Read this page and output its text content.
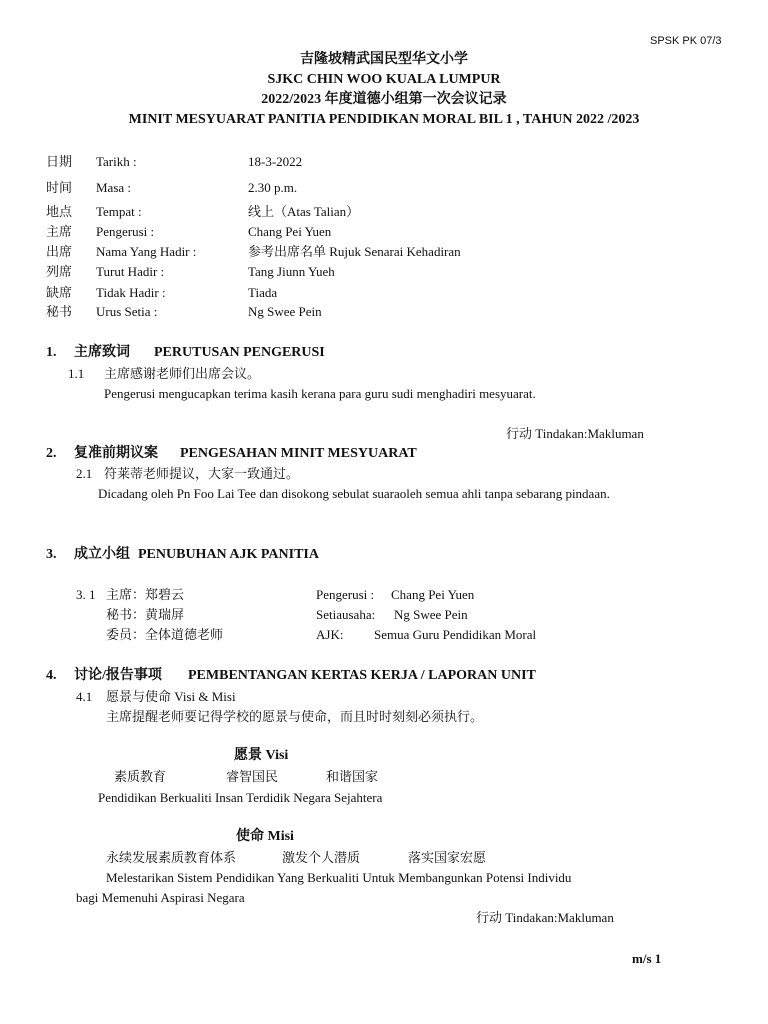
SPSK PK 07/3
吉隆坡精武国民型华文小学
SJKC CHIN WOO KUALA LUMPUR
2022/2023 年度道德小组第一次会议记录
MINIT MESYUARAT PANITIA PENDIDIKAN MORAL BIL 1 , TAHUN 2022 /2023
日期 Tarikh :	18-3-2022
时间 Masa :	2.30 p.m.
地点 Tempat :	线上（Atas Talian）
主席 Pengerusi :	Chang Pei Yuen
出席 Nama Yang Hadir :	参考出席名单 Rujuk Senarai Kehadiran
列席 Turut Hadir :	Tang Jiunn Yueh
缺席 Tidak Hadir :	Tiada
秘书 Urus Setia :	Ng Swee Pein
1. 主席致词 PERUTUSAN PENGERUSI
1.1 主席感谢老师们出席会议。
Pengerusi mengucapkan terima kasih kerana para guru sudi menghadiri mesyuarat.
行动 Tindakan:Makluman
2. 复准前期议案 PENGESAHAN MINIT MESYUARAT
2.1 符莱蒂老师提议，大家一致通过。
Dicadang oleh Pn Foo Lai Tee dan disokong sebulat suaraoleh semua ahli tanpa sebarang pindaan.
3. 成立小组 PENUBUHAN AJK PANITIA
3. 1 主席：郑碧云	Pengerusi : Chang Pei Yuen
秘书：黄瑞屏	Setiausaha: Ng Swee Pein
委员：全体道德老师	AJK: Semua Guru Pendidikan Moral
4. 讨论/报告事项 PEMBENTANGAN KERTAS KERJA / LAPORAN UNIT
4.1 愿景与使命 Visi & Misi
主席提醒老师要记得学校的愿景与使命，而且时时刻刻必须执行。
愿景 Visi
素质教育	睿智国民	和谐国家
Pendidikan Berkualiti Insan Terdidik Negara Sejahtera
使命 Misi
永续发展素质教育体系	激发个人潜质	落实国家宏愿
Melestarikan Sistem Pendidikan Yang Berkualiti Untuk Membangunkan Potensi Individu
bagi Memenuhi Aspirasi Negara
行动 Tindakan:Makluman
m/s 1
